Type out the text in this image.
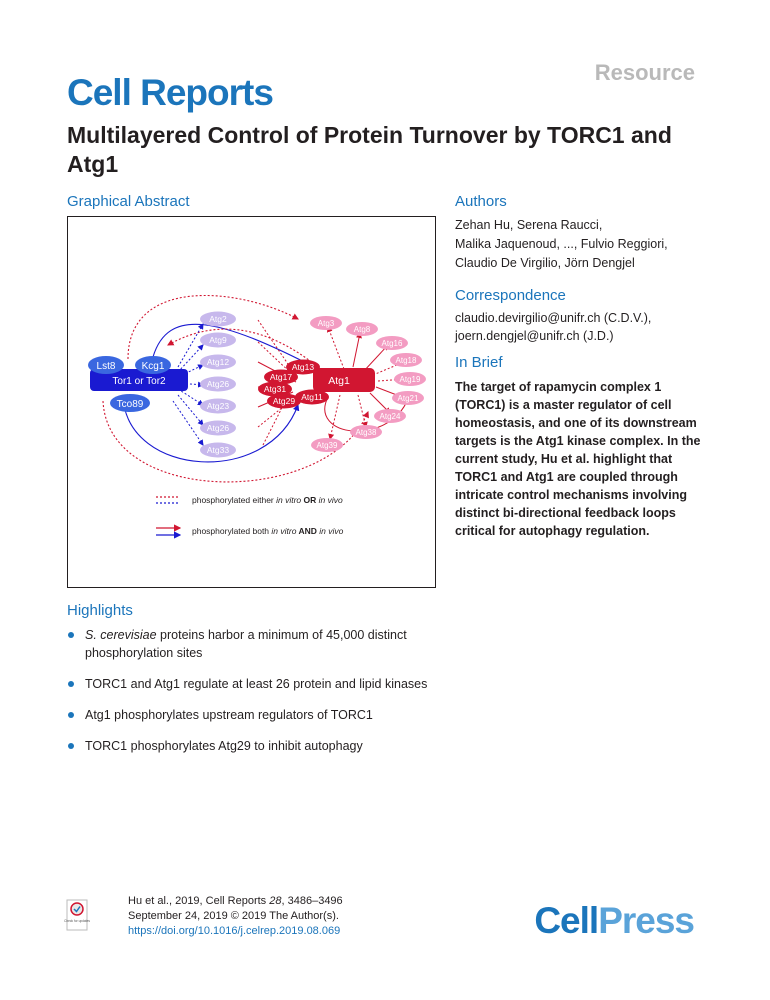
Resource
Cell Reports
Multilayered Control of Protein Turnover by TORC1 and Atg1
Graphical Abstract
Tor1 or Tor2
Lst8	Kcg1
Tco89
Atg2
Atg9
Atg12
Atg26
Atg23
Atg26
Atg33
Atg1
Atg13
Atg17
Atg31
Atg29 Atg11
Atg3
Atg8
Atg16
Atg18
Atg19
Atg21
Atg24
Atg38
Atg39
phosphorylated either in vitro OR in vivo
phosphorylated both in vitro AND in vivo
Authors
Zehan Hu, Serena Raucci,
Malika Jaquenoud, ..., Fulvio Reggiori,
Claudio De Virgilio, Jörn Dengjel
Correspondence
claudio.devirgilio@unifr.ch (C.D.V.),
joern.dengjel@unifr.ch (J.D.)
In Brief
The target of rapamycin complex 1 (TORC1) is a master regulator of cell homeostasis, and one of its downstream targets is the Atg1 kinase complex. In the current study, Hu et al. highlight that TORC1 and Atg1 are coupled through intricate control mechanisms involving distinct bi-directional feedback loops critical for autophagy regulation.
Highlights
S. cerevisiae proteins harbor a minimum of 45,000 distinct phosphorylation sites
TORC1 and Atg1 regulate at least 26 protein and lipid kinases
Atg1 phosphorylates upstream regulators of TORC1
TORC1 phosphorylates Atg29 to inhibit autophagy
Check for updates
Hu et al., 2019, Cell Reports 28, 3486–3496
September 24, 2019 © 2019 The Author(s).
https://doi.org/10.1016/j.celrep.2019.08.069	CellPress
